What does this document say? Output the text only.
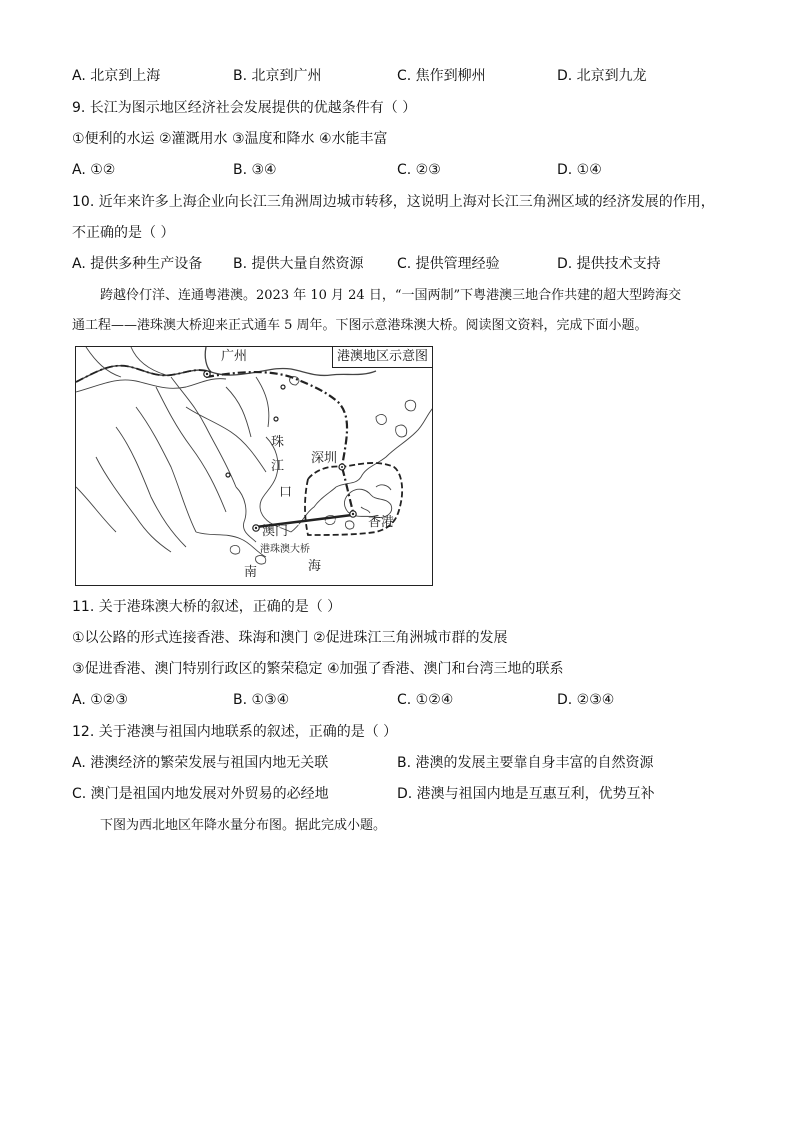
A. 北京到上海	B. 北京到广州	C. 焦作到柳州	D. 北京到九龙
9. 长江为图示地区经济社会发展提供的优越条件有（ ）
①便利的水运 ②灌溉用水 ③温度和降水 ④水能丰富
A. ①②	B. ③④	C. ②③	D. ①④
10. 近年来许多上海企业向长江三角洲周边城市转移，这说明上海对长江三角洲区域的经济发展的作用，
不正确的是（ ）
A. 提供多种生产设备 B. 提供大量自然资源 C. 提供管理经验	D. 提供技术支持
跨越伶仃洋、连通粤港澳。2023 年 10 月 24 日，“一国两制”下粤港澳三地合作共建的超大型跨海交
通工程——港珠澳大桥迎来正式通车 5 周年。下图示意港珠澳大桥。阅读图文资料，完成下面小题。
港澳地区示意图
广州
珠
江
口
深圳
香港
澳门
港珠澳大桥
南	海
11. 关于港珠澳大桥的叙述，正确的是（ ）
①以公路的形式连接香港、珠海和澳门 ②促进珠江三角洲城市群的发展
③促进香港、澳门特别行政区的繁荣稳定 ④加强了香港、澳门和台湾三地的联系
A. ①②③	B. ①③④	C. ①②④	D. ②③④
12. 关于港澳与祖国内地联系的叙述，正确的是（ ）
A. 港澳经济的繁荣发展与祖国内地无关联	B. 港澳的发展主要靠自身丰富的自然资源
C. 澳门是祖国内地发展对外贸易的必经地	D. 港澳与祖国内地是互惠互利，优势互补
下图为西北地区年降水量分布图。据此完成小题。
